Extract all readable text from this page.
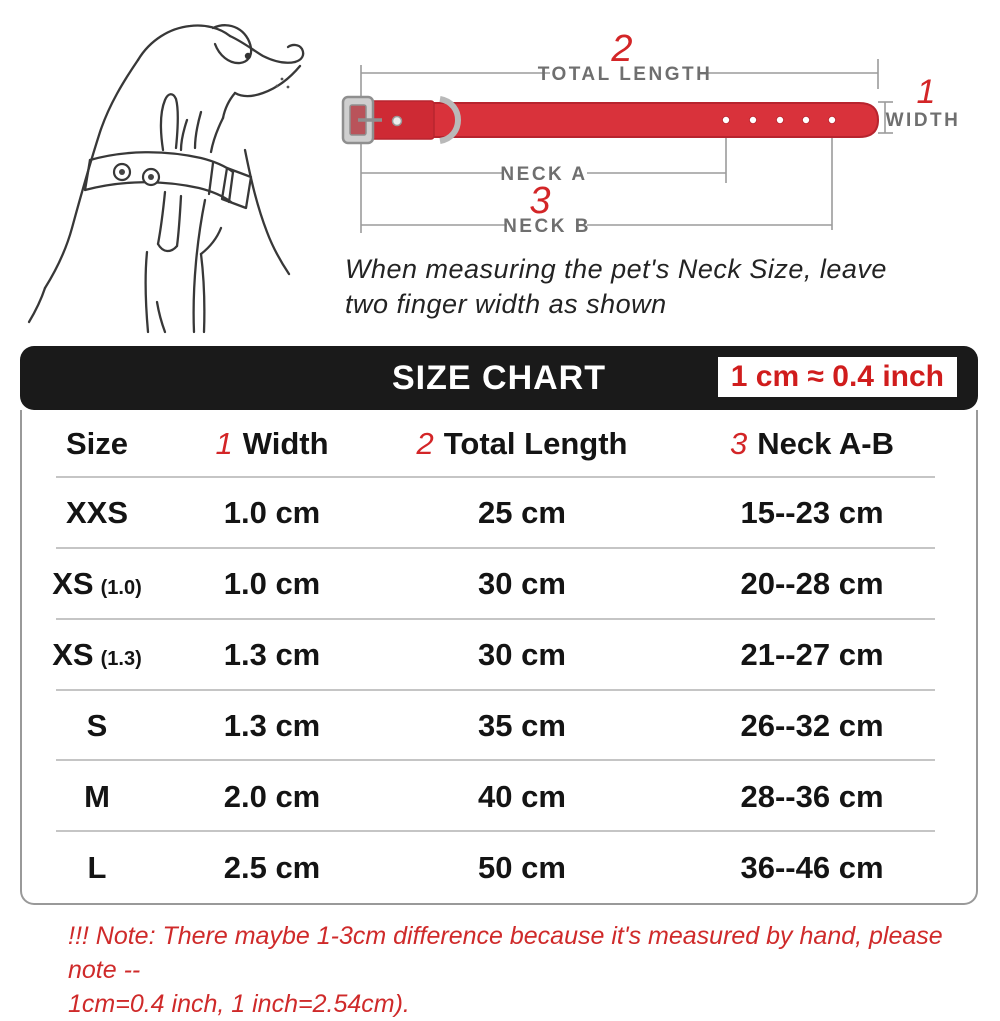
2
TOTAL LENGTH	1
WIDTH
NECK A
3
NECK B
When measuring the pet's Neck Size, leave
two finger width as shown
SIZE CHART	1 cm ≈ 0.4 inch
Size	1 Width	2 Total Length	3 Neck A-B
XXS	1.0 cm	25 cm	15--23 cm
XS (1.0)	1.0 cm	30 cm	20--28 cm
XS (1.3)	1.3 cm	30 cm	21--27 cm
S	1.3 cm	35 cm	26--32 cm
M	2.0 cm	40 cm	28--36 cm
L	2.5 cm	50 cm	36--46 cm
!!! Note: There maybe 1-3cm difference because it's measured by hand, please note --
1cm=0.4 inch, 1 inch=2.54cm).
